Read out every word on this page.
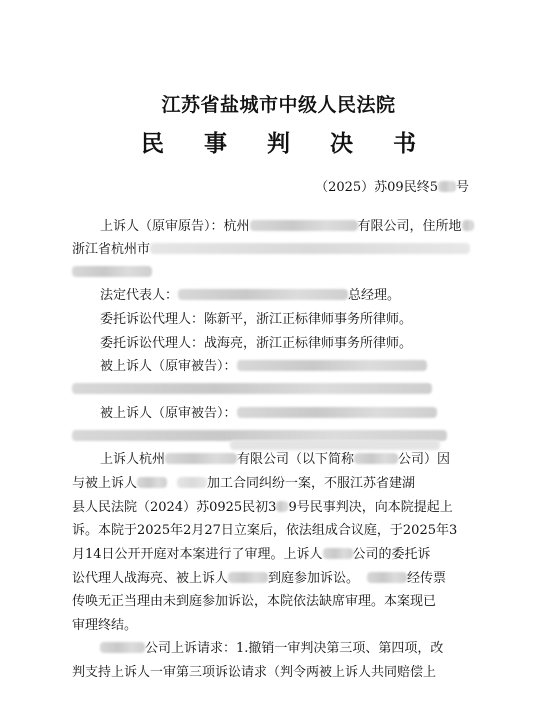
江苏省盐城市中级人民法院
民 事 判 决 书
（2025）苏09民终5 号
上诉人（原审原告）：杭州	有限公司，住所地
浙江省杭州市
法定代表人：	总经理。
委托诉讼代理人：陈新平，浙江正标律师事务所律师。
委托诉讼代理人：战海亮，浙江正标律师事务所律师。
被上诉人（原审被告）：
被上诉人（原审被告）：
上诉人杭州	有限公司（以下简称	公司）因
与被上诉人	加工合同纠纷一案，不服江苏省建湖
县人民法院（2024）苏0925民初3 9号民事判决，向本院提起上
诉。本院于2025年2月27日立案后，依法组成合议庭，于2025年3
月14日公开开庭对本案进行了审理。上诉人 公司的委托诉
讼代理人战海亮、被上诉人	到庭参加诉讼。	经传票
传唤无正当理由未到庭参加诉讼，本院依法缺席审理。本案现已
审理终结。
公司上诉请求：1.撤销一审判决第三项、第四项，改
判支持上诉人一审第三项诉讼请求（判令两被上诉人共同赔偿上
